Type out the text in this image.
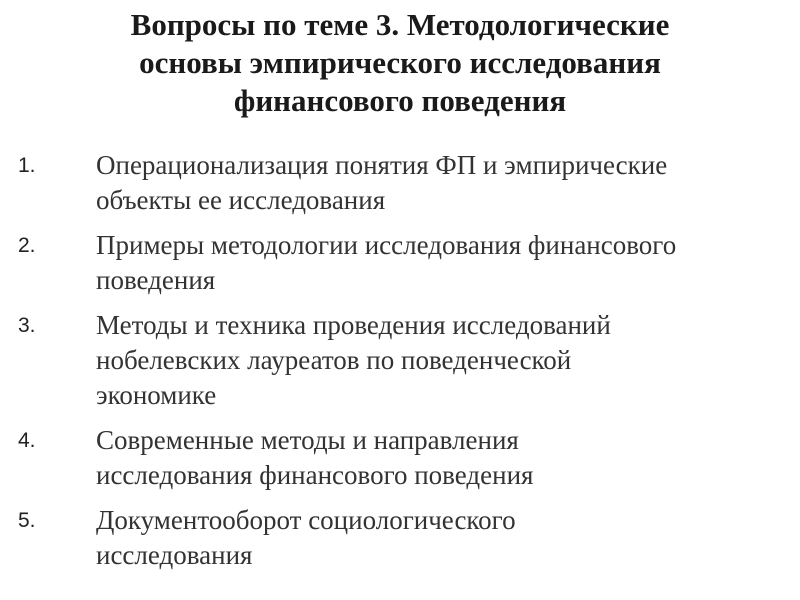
Вопросы по теме 3. Методологические
основы эмпирического исследования
финансового поведения
1. Операционализация понятия ФП и эмпирические
объекты ее исследования
2. Примеры методологии исследования финансового
поведения
3. Методы и техника проведения исследований
нобелевских лауреатов по поведенческой
экономике
4. Современные методы и направления
исследования финансового поведения
5. Документооборот социологического
исследования
